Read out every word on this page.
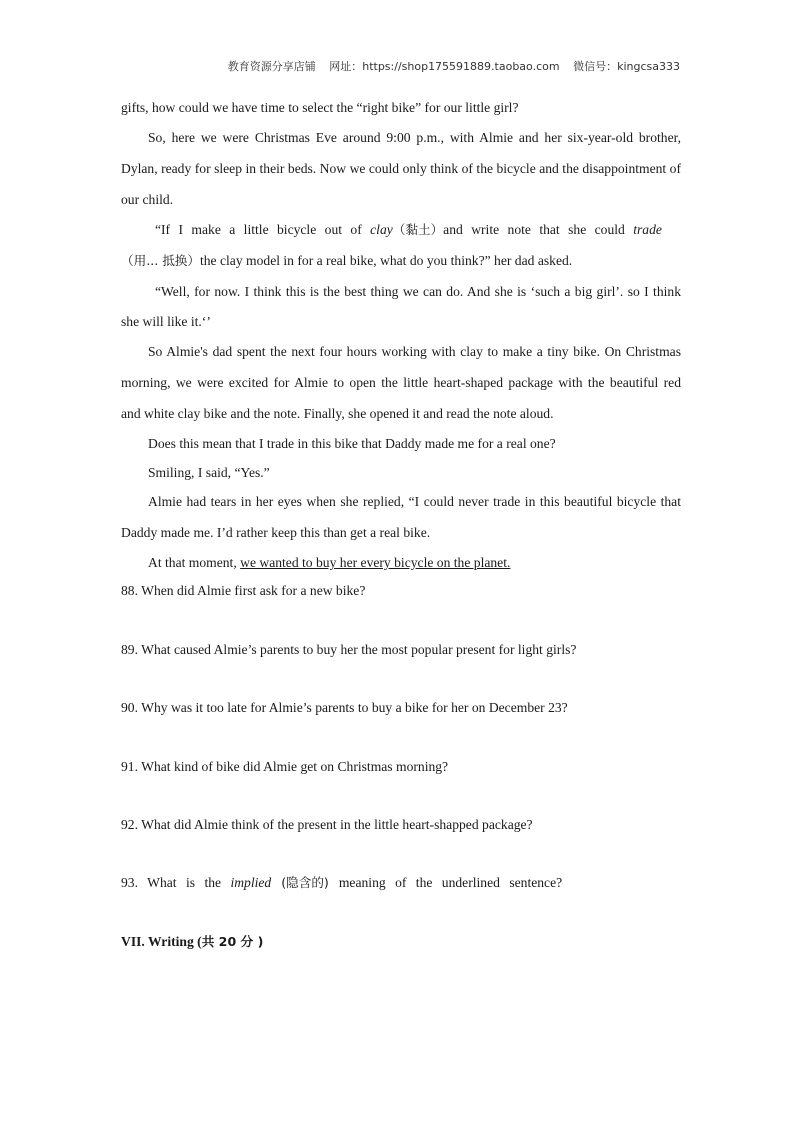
教育资源分享店铺 网址：https://shop175591889.taobao.com 微信号：kingcsa333
gifts, how could we have time to select the “right bike” for our little girl?
So, here we were Christmas Eve around 9:00 p.m., with Almie and her six-year-old brother,
Dylan, ready for sleep in their beds. Now we could only think of the bicycle and the disappointment of
our child.
“If I make a little bicycle out of clay（黏土）and write note that she could trade
（用... 抵换）the clay model in for a real bike, what do you think?” her dad asked.
“Well, for now. I think this is the best thing we can do. And she is ‘such a big girl’. so I think
she will like it.‘’
So Almie's dad spent the next four hours working with clay to make a tiny bike. On Christmas
morning, we were excited for Almie to open the little heart-shaped package with the beautiful red
and white clay bike and the note. Finally, she opened it and read the note aloud.
Does this mean that I trade in this bike that Daddy made me for a real one?
Smiling, I said, “Yes.”
Almie had tears in her eyes when she replied, “I could never trade in this beautiful bicycle that
Daddy made me. I’d rather keep this than get a real bike.
At that moment, we wanted to buy her every bicycle on the planet.
88. When did Almie first ask for a new bike?
89. What caused Almie’s parents to buy her the most popular present for light girls?
90. Why was it too late for Almie’s parents to buy a bike for her on December 23?
91. What kind of bike did Almie get on Christmas morning?
92. What did Almie think of the present in the little heart-shapped package?
93. What is the implied (隐含的) meaning of the underlined sentence?
VII. Writing (共 20 分 )
